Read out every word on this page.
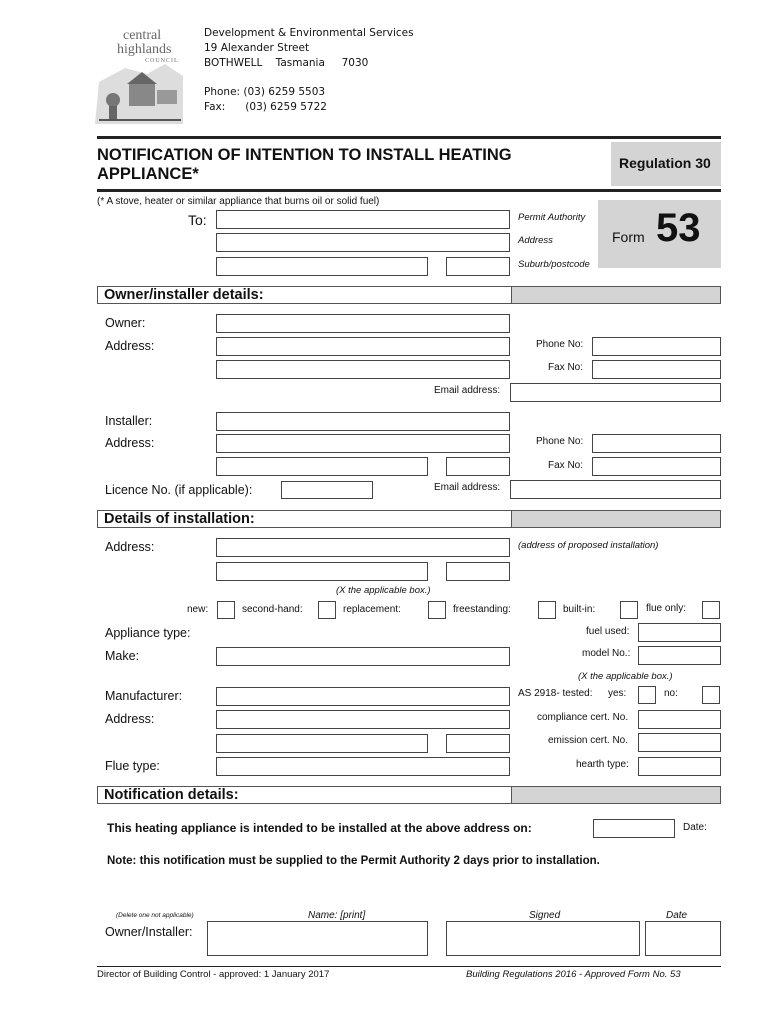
central
highlands
COUNCIL
Development & Environmental Services
19 Alexander Street
BOTHWELL    Tasmania     7030
Phone: (03) 6259 5503
Fax:      (03) 6259 5722
NOTIFICATION OF INTENTION TO INSTALL HEATING
APPLIANCE*
Regulation 30
(* A stove, heater or similar appliance that burns oil or solid fuel)
To:	Permit Authority
Address
Suburb/postcode
Form 53
Owner/installer details:
Owner:
Address:	Phone No:
Fax No:
Email address:
Installer:
Address:	Phone No:
Fax No:
Licence No. (if applicable):	Email address:
Details of installation:
Address:	(address of proposed installation)
(X the applicable box.)
new:	second-hand:	replacement:	freestanding:	built-in:	flue only:
Appliance type:	fuel used:
Make:	model No.:
(X the applicable box.)
Manufacturer:	AS 2918- tested: yes:	no:
Address:	compliance cert. No.
emission cert. No.
Flue type:	hearth type:
Notification details:
This heating appliance is intended to be installed at the above address on:	Date:
Note: this notification must be supplied to the Permit Authority 2 days prior to installation.
(Delete one not applicable)	Name: [print]	Signed	Date
Owner/Installer:
Director of Building Control - approved: 1 January 2017	Building Regulations 2016 - Approved Form No. 53
